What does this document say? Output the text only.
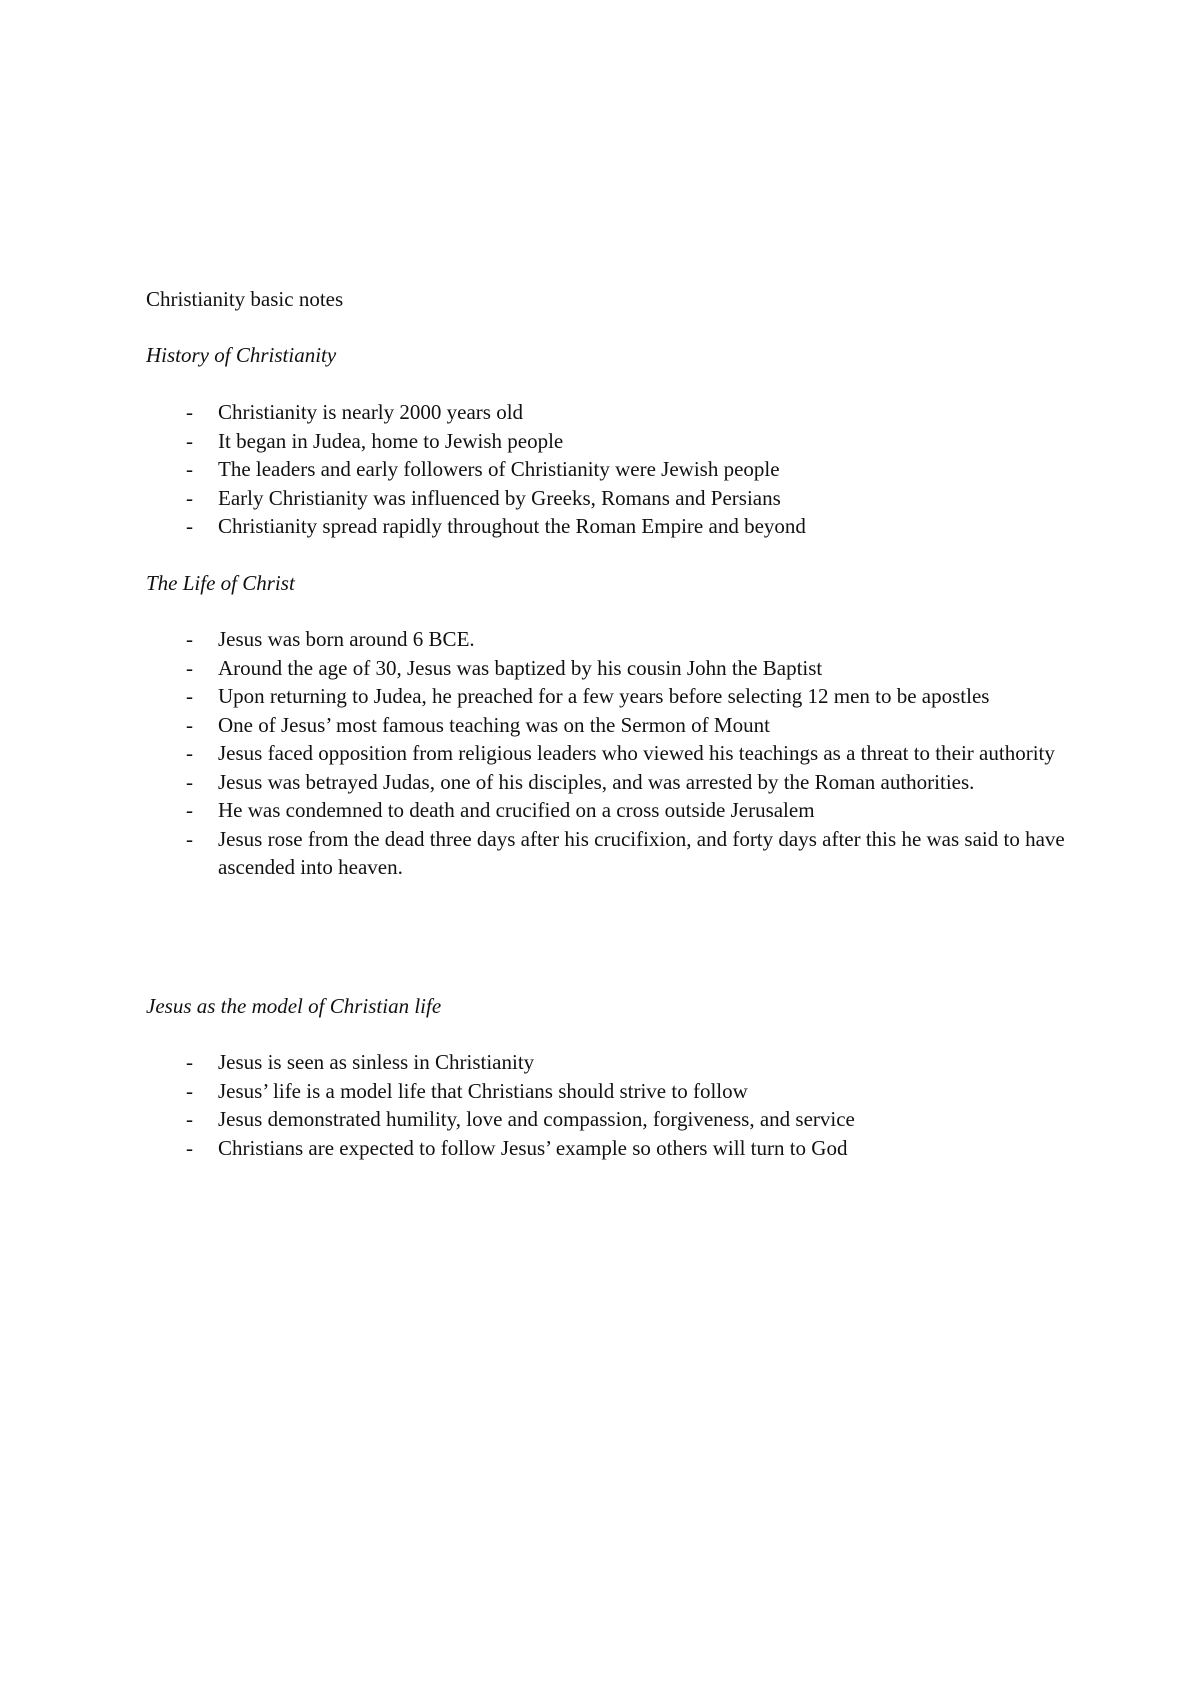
Christianity basic notes
History of Christianity
- Christianity is nearly 2000 years old
- It began in Judea, home to Jewish people
- The leaders and early followers of Christianity were Jewish people
- Early Christianity was influenced by Greeks, Romans and Persians
- Christianity spread rapidly throughout the Roman Empire and beyond
The Life of Christ
- Jesus was born around 6 BCE.
- Around the age of 30, Jesus was baptized by his cousin John the Baptist
- Upon returning to Judea, he preached for a few years before selecting 12 men to be apostles
- One of Jesus’ most famous teaching was on the Sermon of Mount
- Jesus faced opposition from religious leaders who viewed his teachings as a threat to their authority
- Jesus was betrayed Judas, one of his disciples, and was arrested by the Roman authorities.
- He was condemned to death and crucified on a cross outside Jerusalem
- Jesus rose from the dead three days after his crucifixion, and forty days after this he was said to have ascended into heaven.
Jesus as the model of Christian life
- Jesus is seen as sinless in Christianity
- Jesus’ life is a model life that Christians should strive to follow
- Jesus demonstrated humility, love and compassion, forgiveness, and service
- Christians are expected to follow Jesus’ example so others will turn to God
